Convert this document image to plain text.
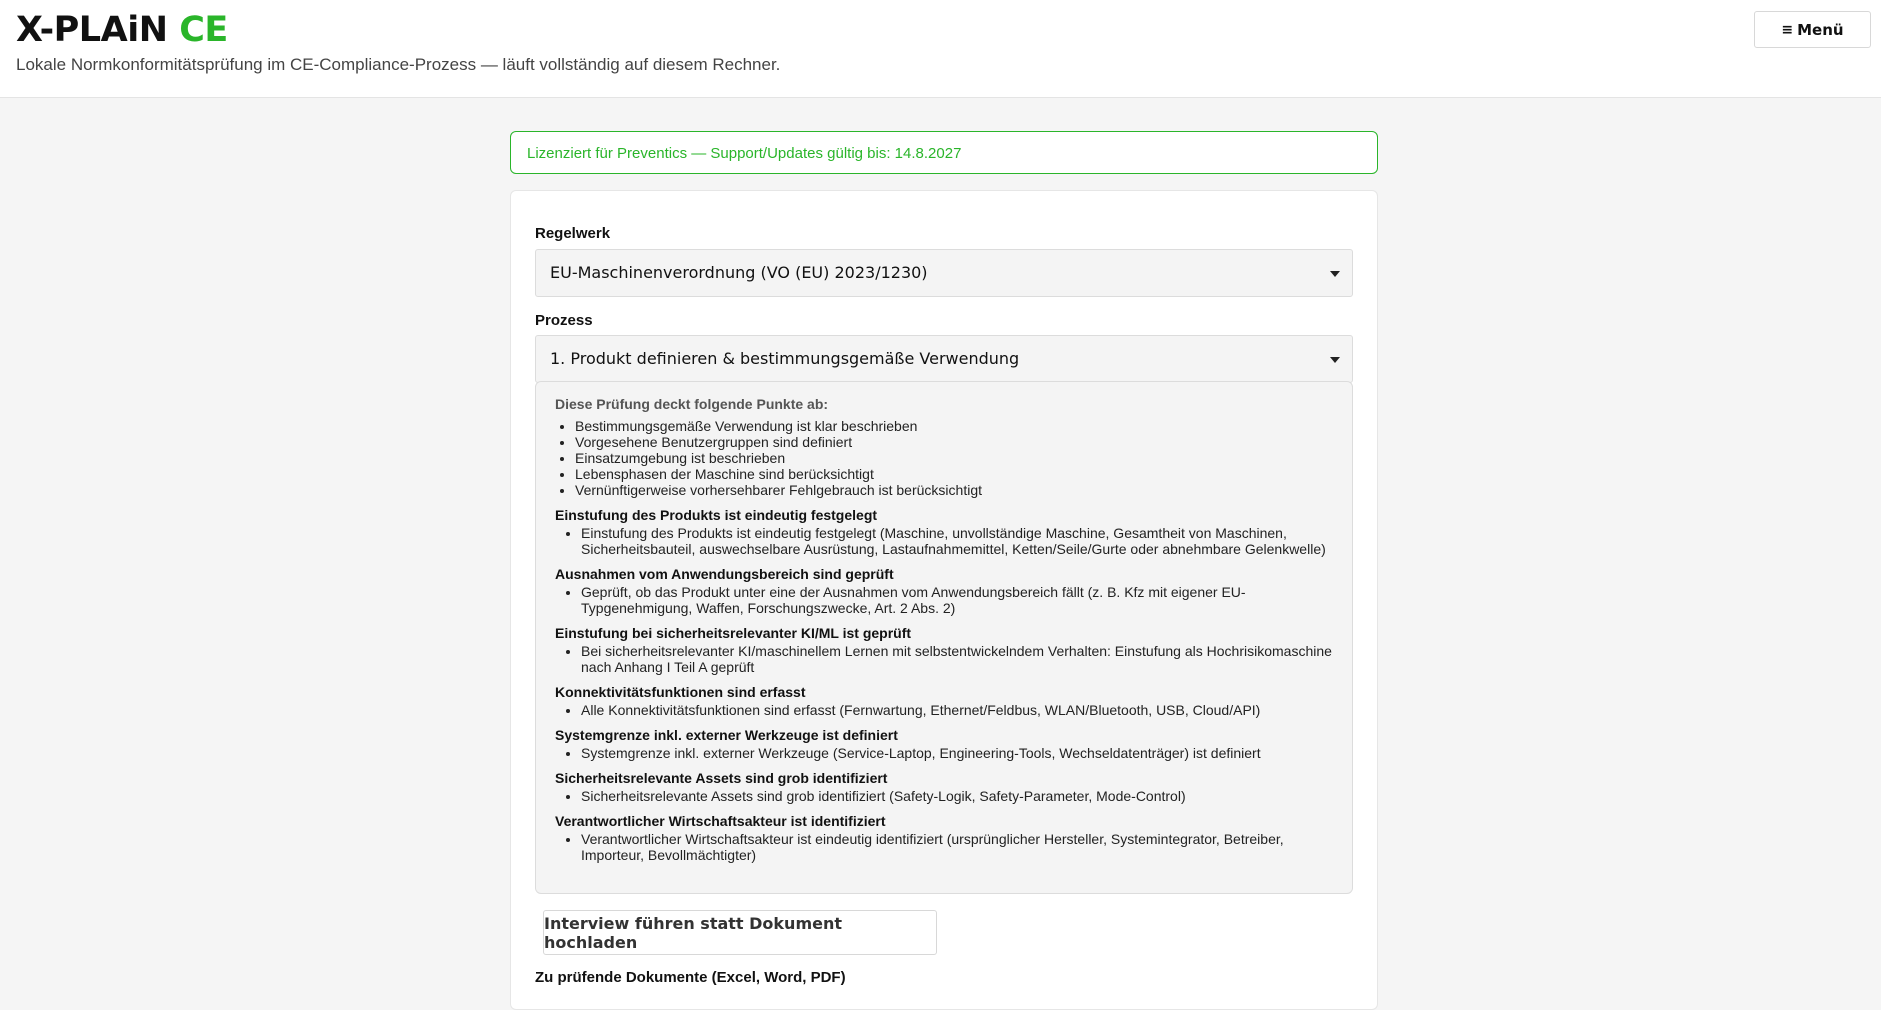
X-PLAiN CE
Lokale Normkonformitätsprüfung im CE-Compliance-Prozess — läuft vollständig auf diesem Rechner.
≡ Menü
Lizenziert für Preventics — Support/Updates gültig bis: 14.8.2027
Regelwerk
EU-Maschinenverordnung (VO (EU) 2023/1230)
Prozess
1. Produkt definieren & bestimmungsgemäße Verwendung
Diese Prüfung deckt folgende Punkte ab:
• Bestimmungsgemäße Verwendung ist klar beschrieben
• Vorgesehene Benutzergruppen sind definiert
• Einsatzumgebung ist beschrieben
• Lebensphasen der Maschine sind berücksichtigt
• Vernünftigerweise vorhersehbarer Fehlgebrauch ist berücksichtigt
Einstufung des Produkts ist eindeutig festgelegt
• Einstufung des Produkts ist eindeutig festgelegt (Maschine, unvollständige Maschine, Gesamtheit von Maschinen, Sicherheitsbauteil, auswechselbare Ausrüstung, Lastaufnahmemittel, Ketten/Seile/Gurte oder abnehmbare Gelenkwelle)
Ausnahmen vom Anwendungsbereich sind geprüft
• Geprüft, ob das Produkt unter eine der Ausnahmen vom Anwendungsbereich fällt (z. B. Kfz mit eigener EU-Typgenehmigung, Waffen, Forschungszwecke, Art. 2 Abs. 2)
Einstufung bei sicherheitsrelevanter KI/ML ist geprüft
• Bei sicherheitsrelevanter KI/maschinellem Lernen mit selbstentwickelndem Verhalten: Einstufung als Hochrisikomaschine nach Anhang I Teil A geprüft
Konnektivitätsfunktionen sind erfasst
• Alle Konnektivitätsfunktionen sind erfasst (Fernwartung, Ethernet/Feldbus, WLAN/Bluetooth, USB, Cloud/API)
Systemgrenze inkl. externer Werkzeuge ist definiert
• Systemgrenze inkl. externer Werkzeuge (Service-Laptop, Engineering-Tools, Wechseldatenträger) ist definiert
Sicherheitsrelevante Assets sind grob identifiziert
• Sicherheitsrelevante Assets sind grob identifiziert (Safety-Logik, Safety-Parameter, Mode-Control)
Verantwortlicher Wirtschaftsakteur ist identifiziert
• Verantwortlicher Wirtschaftsakteur ist eindeutig identifiziert (ursprünglicher Hersteller, Systemintegrator, Betreiber, Importeur, Bevollmächtigter)
Interview führen statt Dokument hochladen
Zu prüfende Dokumente (Excel, Word, PDF)
